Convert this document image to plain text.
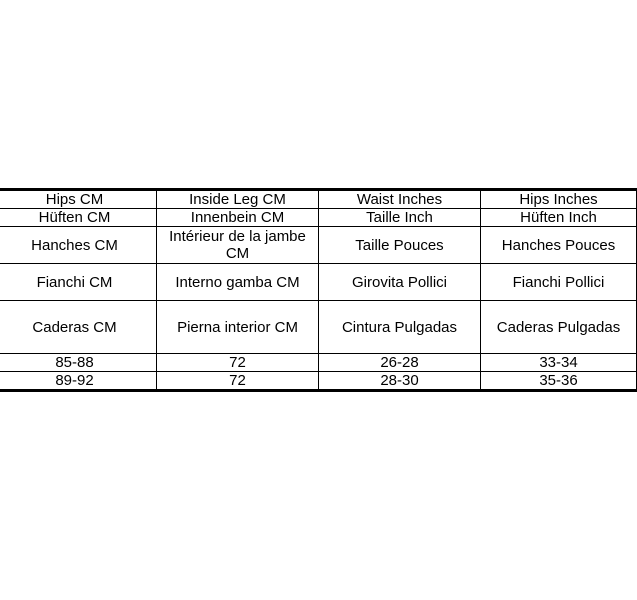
Hips CM	Inside Leg CM	Waist Inches	Hips Inches
Hüften CM	Innenbein CM	Taille Inch	Hüften Inch
Hanches CM	Intérieur de la jambe CM	Taille Pouces	Hanches Pouces
Fianchi CM	Interno gamba CM	Girovita Pollici	Fianchi Pollici
Caderas CM	Pierna interior CM	Cintura Pulgadas	Caderas Pulgadas
85-88	72	26-28	33-34
89-92	72	28-30	35-36
